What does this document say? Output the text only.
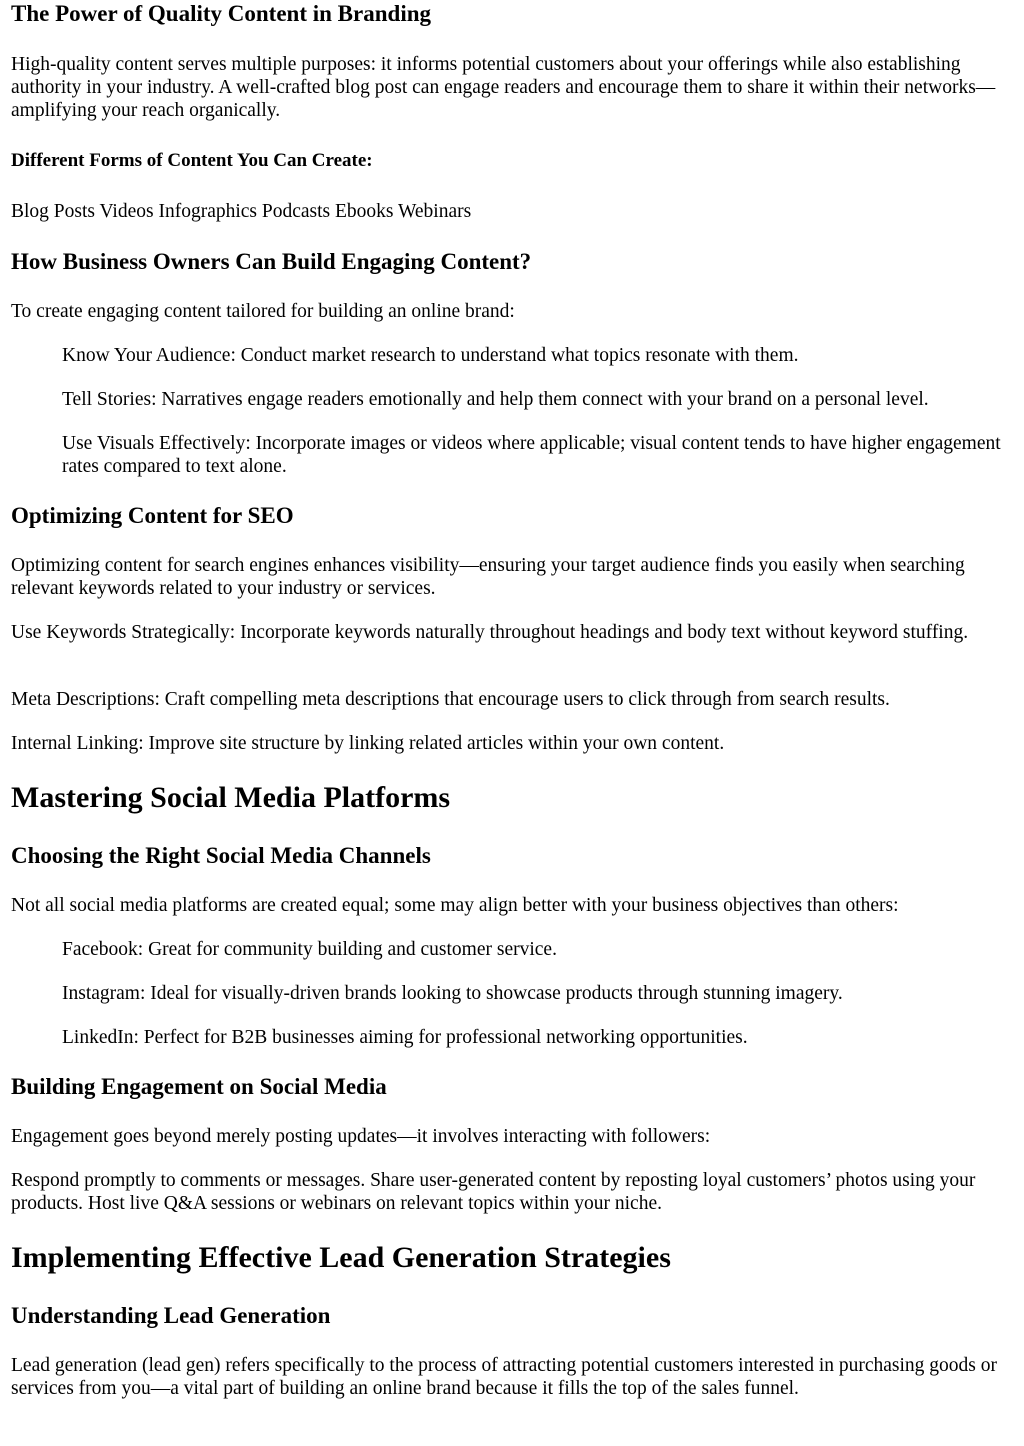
The Power of Quality Content in Branding

High-quality content serves multiple purposes: it informs potential customers about your offerings while also establishing authority in your industry. A well-crafted blog post can engage readers and encourage them to share it within their networks—amplifying your reach organically.

Different Forms of Content You Can Create:

Blog Posts Videos Infographics Podcasts Ebooks Webinars

How Business Owners Can Build Engaging Content?

To create engaging content tailored for building an online brand:

Know Your Audience: Conduct market research to understand what topics resonate with them.

Tell Stories: Narratives engage readers emotionally and help them connect with your brand on a personal level.

Use Visuals Effectively: Incorporate images or videos where applicable; visual content tends to have higher engagement rates compared to text alone.

Optimizing Content for SEO

Optimizing content for search engines enhances visibility—ensuring your target audience finds you easily when searching relevant keywords related to your industry or services.

Use Keywords Strategically: Incorporate keywords naturally throughout headings and body text without keyword stuffing.

Meta Descriptions: Craft compelling meta descriptions that encourage users to click through from search results.

Internal Linking: Improve site structure by linking related articles within your own content.

Mastering Social Media Platforms
Choosing the Right Social Media Channels

Not all social media platforms are created equal; some may align better with your business objectives than others:

Facebook: Great for community building and customer service.

Instagram: Ideal for visually-driven brands looking to showcase products through stunning imagery.

LinkedIn: Perfect for B2B businesses aiming for professional networking opportunities.

Building Engagement on Social Media

Engagement goes beyond merely posting updates—it involves interacting with followers:

Respond promptly to comments or messages. Share user-generated content by reposting loyal customers’ photos using your products. Host live Q&A sessions or webinars on relevant topics within your niche.

Implementing Effective Lead Generation Strategies
Understanding Lead Generation

Lead generation (lead gen) refers specifically to the process of attracting potential customers interested in purchasing goods or services from you—a vital part of building an online brand because it fills the top of the sales funnel.
